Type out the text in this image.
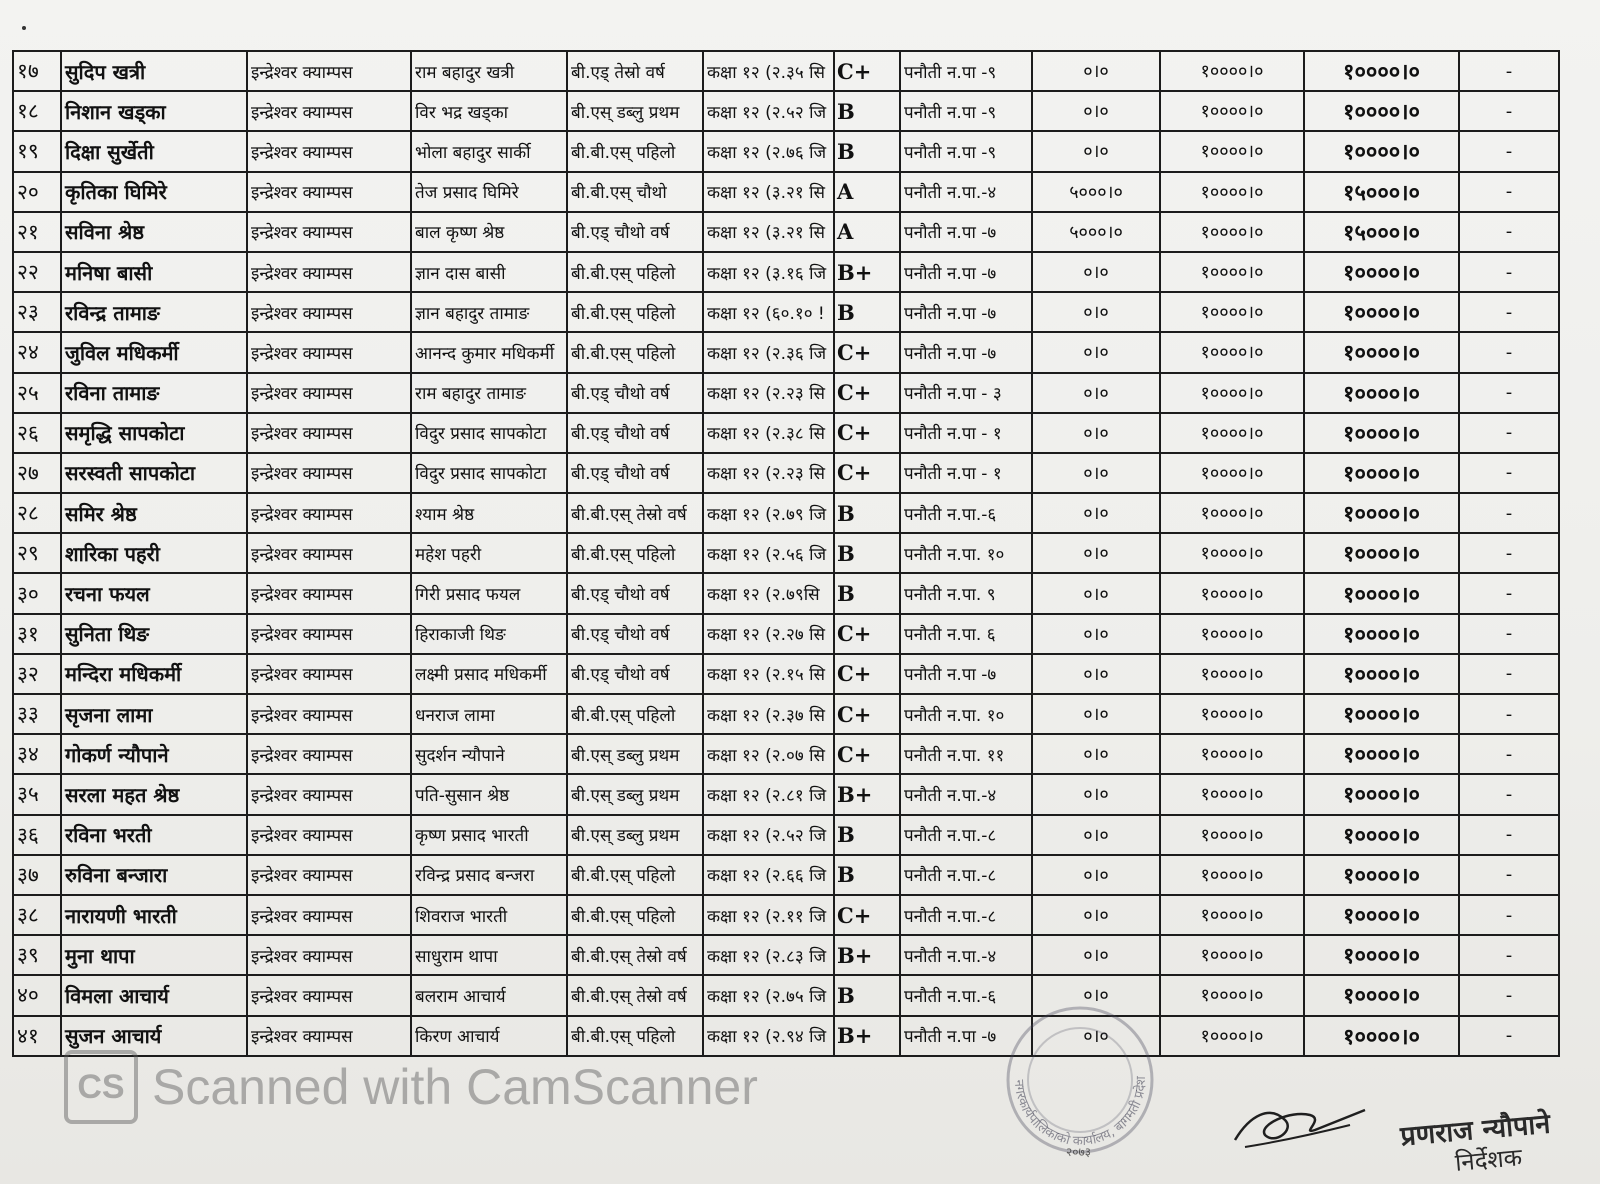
१७	सुदिप खत्री	इन्द्रेश्वर क्याम्पस	राम बहादुर खत्री	बी.एड् तेस्रो वर्ष	कक्षा १२ (२.३५ सि	C+	पनौती न.पा -९	०।०	१००००।०	१००००।०	-
१८	निशान खड्का	इन्द्रेश्वर क्याम्पस	विर भद्र खड्का	बी.एस् डब्लु प्रथम	कक्षा १२ (२.५२ जि	B	पनौती न.पा -९	०।०	१००००।०	१००००।०	-
१९	दिक्षा सुर्खेती	इन्द्रेश्वर क्याम्पस	भोला बहादुर सार्की	बी.बी.एस् पहिलो	कक्षा १२ (२.७६ जि	B	पनौती न.पा -९	०।०	१००००।०	१००००।०	-
२०	कृतिका घिमिरे	इन्द्रेश्वर क्याम्पस	तेज प्रसाद घिमिरे	बी.बी.एस् चौथो	कक्षा १२ (३.२१ सि	A	पनौती न.पा.-४	५०००।०	१००००।०	१५०००।०	-
२१	सविना श्रेष्ठ	इन्द्रेश्वर क्याम्पस	बाल कृष्ण श्रेष्ठ	बी.एड् चौथो वर्ष	कक्षा १२ (३.२१ सि	A	पनौती न.पा -७	५०००।०	१००००।०	१५०००।०	-
२२	मनिषा बासी	इन्द्रेश्वर क्याम्पस	ज्ञान दास बासी	बी.बी.एस् पहिलो	कक्षा १२ (३.१६ जि	B+	पनौती न.पा -७	०।०	१००००।०	१००००।०	-
२३	रविन्द्र तामाङ	इन्द्रेश्वर क्याम्पस	ज्ञान बहादुर तामाङ	बी.बी.एस् पहिलो	कक्षा १२ (६०.१० !	B	पनौती न.पा -७	०।०	१००००।०	१००००।०	-
२४	जुविल मधिकर्मी	इन्द्रेश्वर क्याम्पस	आनन्द कुमार मधिकर्मी	बी.बी.एस् पहिलो	कक्षा १२ (२.३६ जि	C+	पनौती न.पा -७	०।०	१००००।०	१००००।०	-
२५	रविना तामाङ	इन्द्रेश्वर क्याम्पस	राम बहादुर तामाङ	बी.एड् चौथो वर्ष	कक्षा १२ (२.२३ सि	C+	पनौती न.पा - ३	०।०	१००००।०	१००००।०	-
२६	समृद्धि सापकोटा	इन्द्रेश्वर क्याम्पस	विदुर प्रसाद सापकोटा	बी.एड् चौथो वर्ष	कक्षा १२ (२.३८ सि	C+	पनौती न.पा - १	०।०	१००००।०	१००००।०	-
२७	सरस्वती सापकोटा	इन्द्रेश्वर क्याम्पस	विदुर प्रसाद सापकोटा	बी.एड् चौथो वर्ष	कक्षा १२ (२.२३ सि	C+	पनौती न.पा - १	०।०	१००००।०	१००००।०	-
२८	समिर श्रेष्ठ	इन्द्रेश्वर क्याम्पस	श्याम श्रेष्ठ	बी.बी.एस् तेस्रो वर्ष	कक्षा १२ (२.७९ जि	B	पनौती न.पा.-६	०।०	१००००।०	१००००।०	-
२९	शारिका पहरी	इन्द्रेश्वर क्याम्पस	महेश पहरी	बी.बी.एस् पहिलो	कक्षा १२ (२.५६ जि	B	पनौती न.पा. १०	०।०	१००००।०	१००००।०	-
३०	रचना फयल	इन्द्रेश्वर क्याम्पस	गिरी प्रसाद फयल	बी.एड् चौथो वर्ष	कक्षा १२ (२.७९सि	B	पनौती न.पा. ९	०।०	१००००।०	१००००।०	-
३१	सुनिता थिङ	इन्द्रेश्वर क्याम्पस	हिराकाजी थिङ	बी.एड् चौथो वर्ष	कक्षा १२ (२.२७ सि	C+	पनौती न.पा. ६	०।०	१००००।०	१००००।०	-
३२	मन्दिरा मधिकर्मी	इन्द्रेश्वर क्याम्पस	लक्ष्मी प्रसाद मधिकर्मी	बी.एड् चौथो वर्ष	कक्षा १२ (२.१५ सि	C+	पनौती न.पा -७	०।०	१००००।०	१००००।०	-
३३	सृजना लामा	इन्द्रेश्वर क्याम्पस	धनराज लामा	बी.बी.एस् पहिलो	कक्षा १२ (२.३७ सि	C+	पनौती न.पा. १०	०।०	१००००।०	१००००।०	-
३४	गोकर्ण न्यौपाने	इन्द्रेश्वर क्याम्पस	सुदर्शन न्यौपाने	बी.एस् डब्लु प्रथम	कक्षा १२ (२.०७ सि	C+	पनौती न.पा. ११	०।०	१००००।०	१००००।०	-
३५	सरला महत श्रेष्ठ	इन्द्रेश्वर क्याम्पस	पति-सुसान श्रेष्ठ	बी.एस् डब्लु प्रथम	कक्षा १२ (२.८१ जि	B+	पनौती न.पा.-४	०।०	१००००।०	१००००।०	-
३६	रविना भरती	इन्द्रेश्वर क्याम्पस	कृष्ण प्रसाद भारती	बी.एस् डब्लु प्रथम	कक्षा १२ (२.५२ जि	B	पनौती न.पा.-८	०।०	१००००।०	१००००।०	-
३७	रुविना बन्जारा	इन्द्रेश्वर क्याम्पस	रविन्द्र प्रसाद बन्जरा	बी.बी.एस् पहिलो	कक्षा १२ (२.६६ जि	B	पनौती न.पा.-८	०।०	१००००।०	१००००।०	-
३८	नारायणी भारती	इन्द्रेश्वर क्याम्पस	शिवराज भारती	बी.बी.एस् पहिलो	कक्षा १२ (२.११ जि	C+	पनौती न.पा.-८	०।०	१००००।०	१००००।०	-
३९	मुना थापा	इन्द्रेश्वर क्याम्पस	साधुराम थापा	बी.बी.एस् तेस्रो वर्ष	कक्षा १२ (२.८३ जि	B+	पनौती न.पा.-४	०।०	१००००।०	१००००।०	-
४०	विमला आचार्य	इन्द्रेश्वर क्याम्पस	बलराम आचार्य	बी.बी.एस् तेस्रो वर्ष	कक्षा १२ (२.७५ जि	B	पनौती न.पा.-६	०।०	१००००।०	१००००।०	-
४१	सुजन आचार्य	इन्द्रेश्वर क्याम्पस	किरण आचार्य	बी.बी.एस् पहिलो	कक्षा १२ (२.९४ जि	B+	पनौती न.पा -७	०।०	१००००।०	१००००।०	-
नगरकार्यपालिकाको कार्यालय, बागमती प्रदेश
२०७३	प्रणराज न्यौपाने
निर्देशक
CS Scanned with CamScanner
